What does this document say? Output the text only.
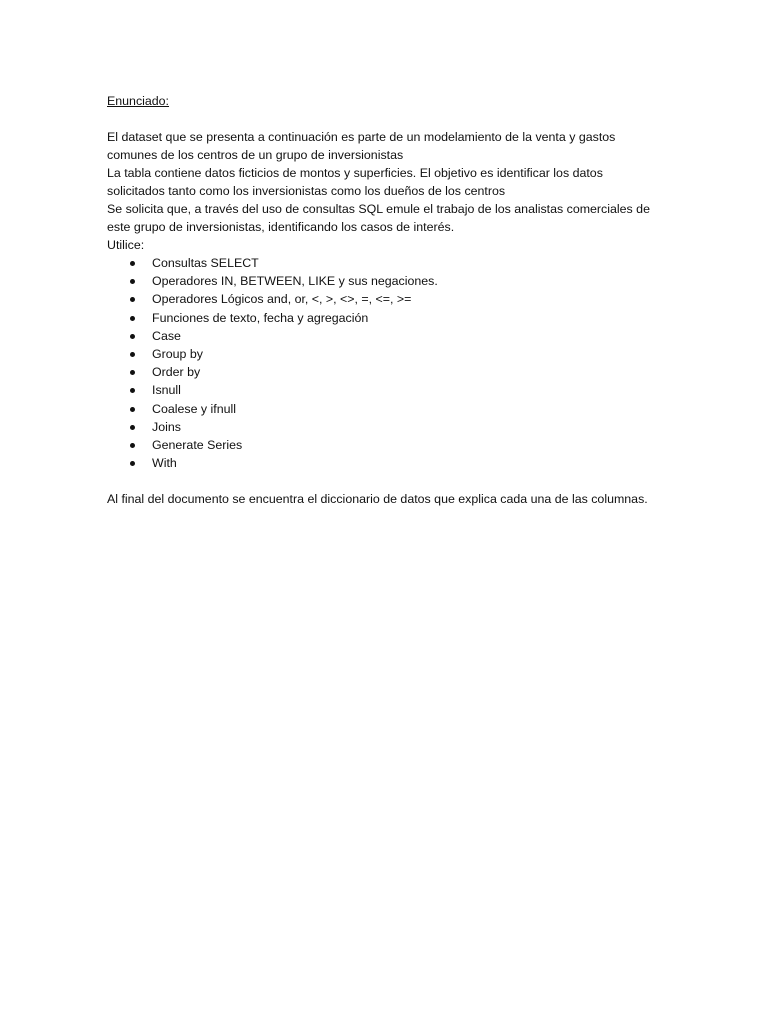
Enunciado:

El dataset que se presenta a continuación es parte de un modelamiento de la venta y gastos

comunes de los centros de un grupo de inversionistas

La tabla contiene datos ficticios de montos y superficies. El objetivo es identificar los datos

solicitados tanto como los inversionistas como los dueños de los centros

Se solicita que, a través del uso de consultas SQL emule el trabajo de los analistas comerciales de

este grupo de inversionistas, identificando los casos de interés.

Utilice:

Consultas SELECT
Operadores IN, BETWEEN, LIKE y sus negaciones.
Operadores Lógicos and, or, <, >, <>, =, <=, >=
Funciones de texto, fecha y agregación
Case
Group by
Order by
Isnull
Coalese y ifnull
Joins
Generate Series
With

Al final del documento se encuentra el diccionario de datos que explica cada una de las columnas.
